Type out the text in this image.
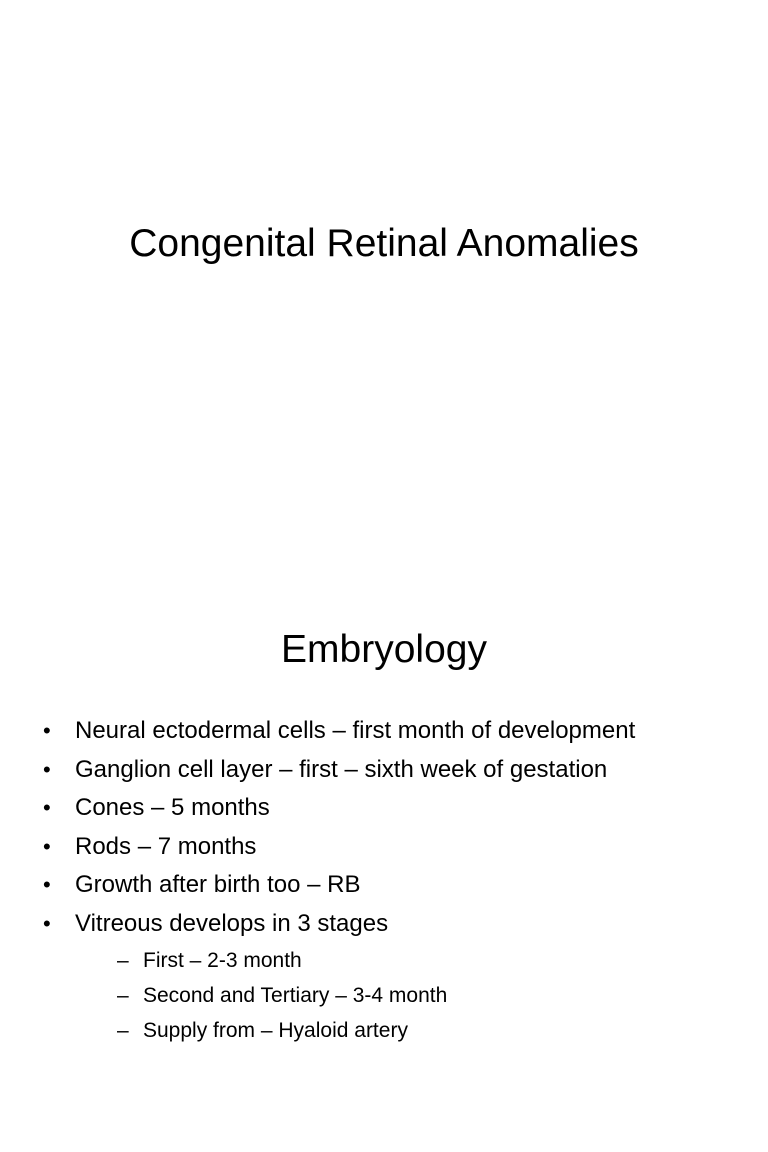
Congenital Retinal Anomalies
Embryology
• Neural ectodermal cells – first month of development
• Ganglion cell layer – first – sixth week of gestation
• Cones – 5 months
• Rods – 7 months
• Growth after birth too – RB
• Vitreous develops in 3 stages
– First – 2-3 month
– Second and Tertiary – 3-4 month
– Supply from – Hyaloid artery
